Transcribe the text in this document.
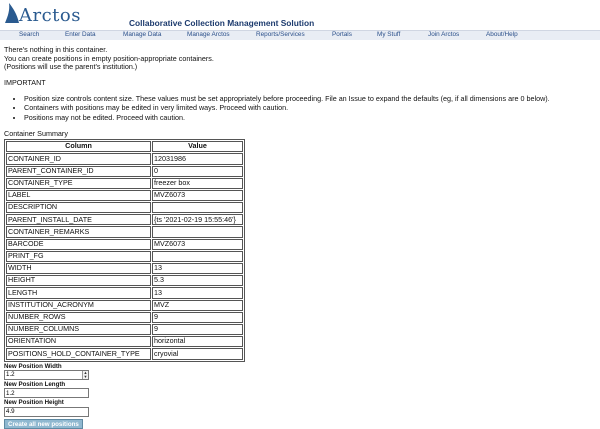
Arctos	Collaborative Collection Management Solution
Search	Enter Data	Manage Data	Manage Arctos	Reports/Services	Portals	My Stuff	Join Arctos	About/Help
There's nothing in this container.
You can create positions in empty position-appropriate containers.
(Positions will use the parent's institution.)
IMPORTANT
• Position size controls content size. These values must be set appropriately before proceeding. File an Issue to expand the defaults (eg, if all dimensions are 0 below).
• Containers with positions may be edited in very limited ways. Proceed with caution.
• Positions may not be edited. Proceed with caution.
Container Summary
Column	Value
CONTAINER_ID	12031986
PARENT_CONTAINER_ID	0
CONTAINER_TYPE	freezer box
LABEL	MVZ6073
DESCRIPTION	
PARENT_INSTALL_DATE	{ts '2021-02-19 15:55:46'}
CONTAINER_REMARKS	
BARCODE	MVZ6073
PRINT_FG	
WIDTH	13
HEIGHT	5.3
LENGTH	13
INSTITUTION_ACRONYM	MVZ
NUMBER_ROWS	9
NUMBER_COLUMNS	9
ORIENTATION	horizontal
POSITIONS_HOLD_CONTAINER_TYPE	cryovial
New Position Width
1.2
▲
▼
New Position Length
1.2
New Position Height
4.9 Create all new positions
